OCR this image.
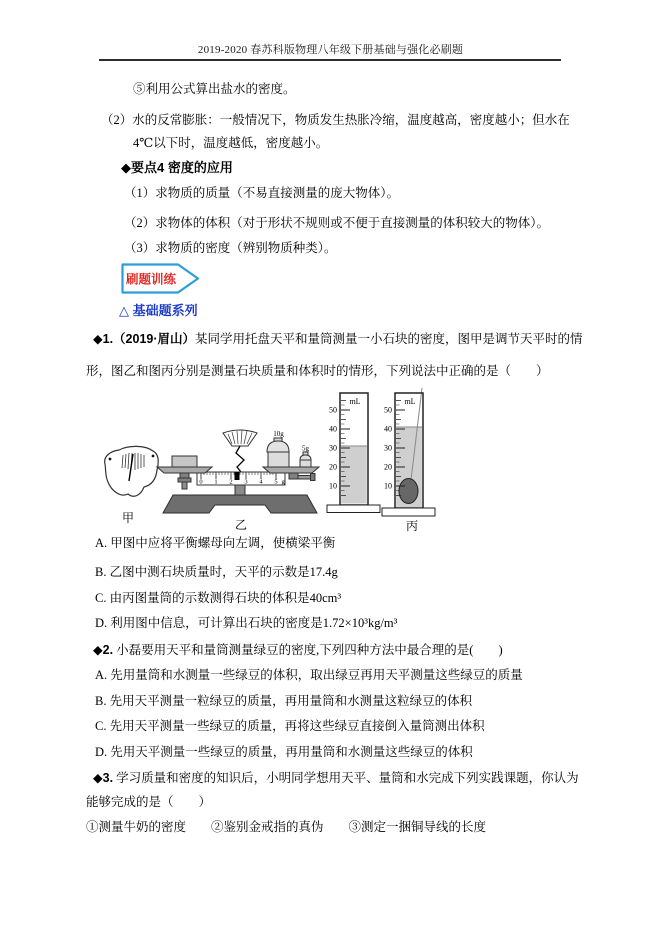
2019-2020 春苏科版物理八年级下册基础与强化必刷题
⑤利用公式算出盐水的密度。
（2）水的反常膨胀：一般情况下，物质发生热胀冷缩，温度越高，密度越小；但水在
4℃以下时，温度越低，密度越小。
◆要点4 密度的应用
（1）求物质的质量（不易直接测量的庞大物体）。
（2）求物体的体积（对于形状不规则或不便于直接测量的体积较大的物体）。
（3）求物质的密度（辨别物质种类）。
刷题训练
△ 基础题系列
◆1.（2019·眉山）某同学用托盘天平和量筒测量一小石块的密度，图甲是调节天平时的情
形，图乙和图丙分别是测量石块质量和体积时的情形，下列说法中正确的是（　　）
甲
0 1 2 3 4 5 g
10g
5g
乙
50
40
30
20
10
mL
50
40
30
20
10
mL
丙
A. 甲图中应将平衡螺母向左调，使横梁平衡
B. 乙图中测石块质量时，天平的示数是17.4g
C. 由丙图量筒的示数测得石块的体积是40cm³
D. 利用图中信息，可计算出石块的密度是1.72×10³kg/m³
◆2. 小磊要用天平和量筒测量绿豆的密度,下列四种方法中最合理的是(　　)
A. 先用量筒和水测量一些绿豆的体积，取出绿豆再用天平测量这些绿豆的质量
B. 先用天平测量一粒绿豆的质量，再用量筒和水测量这粒绿豆的体积
C. 先用天平测量一些绿豆的质量，再将这些绿豆直接倒入量筒测出体积
D. 先用天平测量一些绿豆的质量，再用量筒和水测量这些绿豆的体积
◆3. 学习质量和密度的知识后，小明同学想用天平、量筒和水完成下列实践课题，你认为
能够完成的是（　　）
①测量牛奶的密度　　②鉴别金戒指的真伪　　③测定一捆铜导线的长度
